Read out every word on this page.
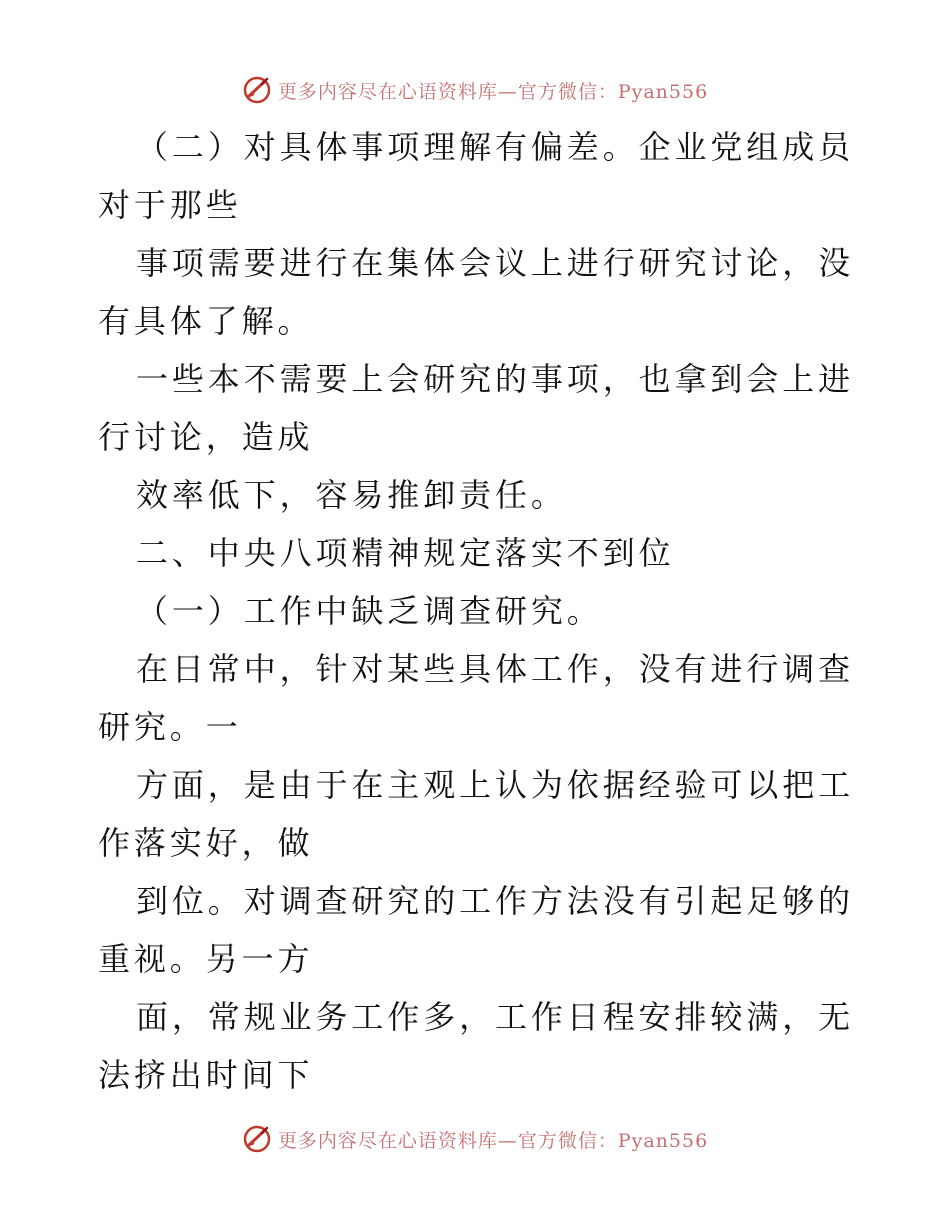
更多内容尽在心语资料库—官方微信：Pyan556

（二）对具体事项理解有偏差。企业党组成员对于那些

事项需要进行在集体会议上进行研究讨论，没有具体了解。

一些本不需要上会研究的事项，也拿到会上进行讨论，造成

效率低下，容易推卸责任。

二、中央八项精神规定落实不到位

（一）工作中缺乏调查研究。

在日常中，针对某些具体工作，没有进行调查研究。一

方面，是由于在主观上认为依据经验可以把工作落实好，做

到位。对调查研究的工作方法没有引起足够的重视。另一方

面，常规业务工作多，工作日程安排较满，无法挤出时间下

更多内容尽在心语资料库—官方微信：Pyan556
